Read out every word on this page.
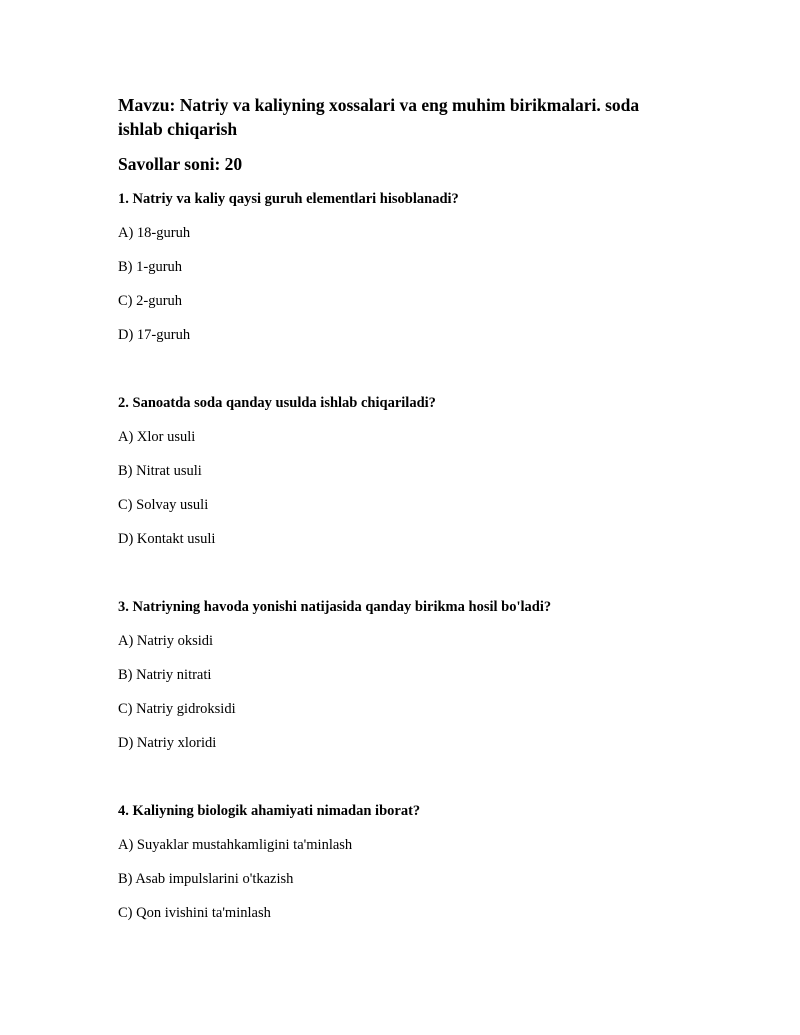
Mavzu: Natriy va kaliyning xossalari va eng muhim birikmalari. soda ishlab chiqarish
Savollar soni: 20

1. Natriy va kaliy qaysi guruh elementlari hisoblanadi?

A) 18-guruh

B) 1-guruh

C) 2-guruh

D) 17-guruh

2. Sanoatda soda qanday usulda ishlab chiqariladi?

A) Xlor usuli

B) Nitrat usuli

C) Solvay usuli

D) Kontakt usuli

3. Natriyning havoda yonishi natijasida qanday birikma hosil bo'ladi?

A) Natriy oksidi

B) Natriy nitrati

C) Natriy gidroksidi

D) Natriy xloridi

4. Kaliyning biologik ahamiyati nimadan iborat?

A) Suyaklar mustahkamligini ta'minlash

B) Asab impulslarini o'tkazish

C) Qon ivishini ta'minlash
